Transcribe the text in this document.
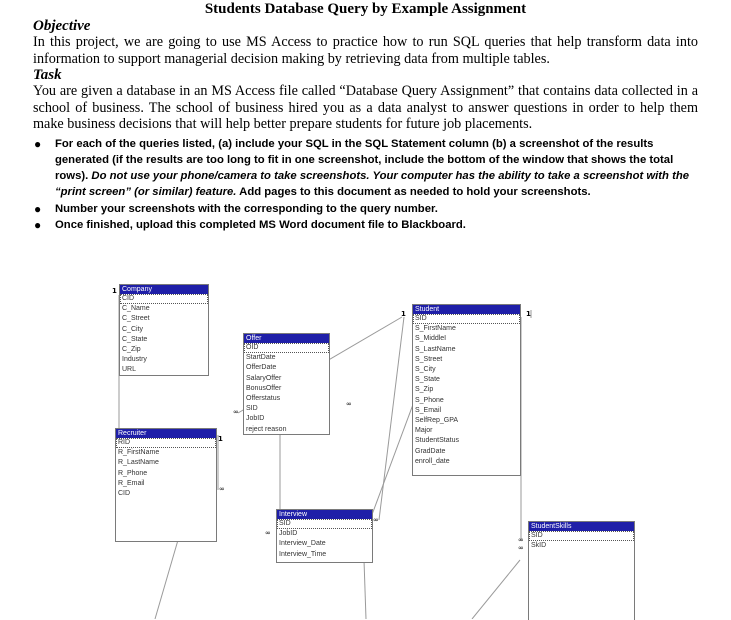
Students Database Query by Example Assignment

Objective

In this project, we are going to use MS Access to practice how to run SQL queries that help transform data into information to support managerial decision making by retrieving data from multiple tables.

Task

You are given a database in an MS Access file called “Database Query Assignment” that contains data collected in a school of business. The school of business hired you as a data analyst to answer questions in order to help them make business decisions that will help better prepare students for future job placements.

● For each of the queries listed, (a) include your SQL in the SQL Statement column (b) a screenshot of the results generated (if the results are too long to fit in one screenshot, include the bottom of the window that shows the total rows). Do not use your phone/camera to take screenshots. Your computer has the ability to take a screenshot with the “print screen” (or similar) feature. Add pages to this document as needed to hold your screenshots.
● Number your screenshots with the corresponding to the query number.
● Once finished, upload this completed MS Word document file to Blackboard.
1
1	1
1
∞
∞
∞
∞
∞
∞
∞
Company
CID
C_Name
C_Street
C_City
C_State
C_Zip
Industry
URL
Offer
OID
StartDate
OfferDate
SalaryOffer
BonusOffer
Offerstatus
SID
JobID
reject reason
Student
SID
S_FirstName
S_MiddleI
S_LastName
S_Street
S_City
S_State
S_Zip
S_Phone
S_Email
SelfRep_GPA
Major
StudentStatus
GradDate
enroll_date
Recruiter
RID
R_FirstName
R_LastName
R_Phone
R_Email
CID
Interview
SID
JobID
Interview_Date
Interview_Time
StudentSkills
SID
SkID
